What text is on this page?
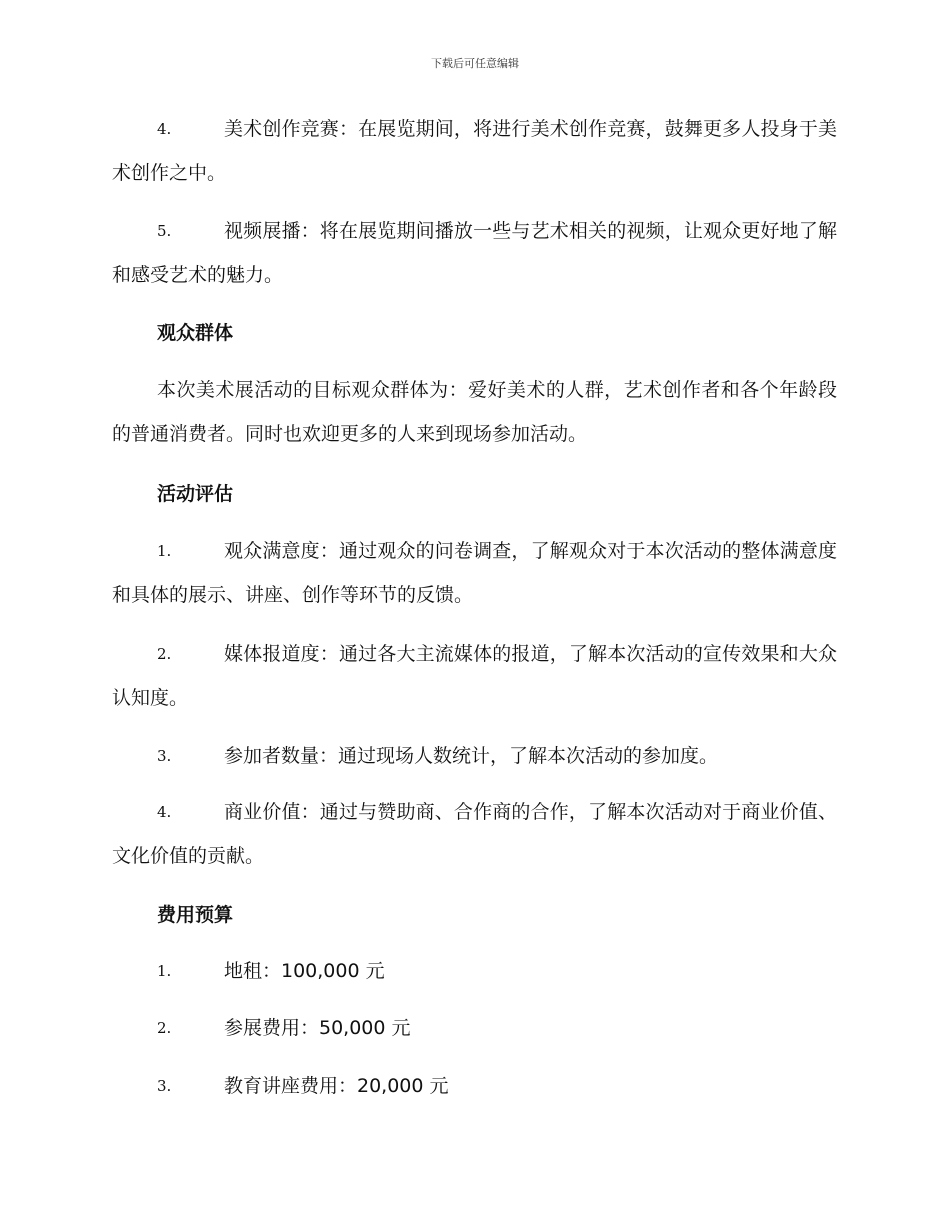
下载后可任意编辑
4.	美术创作竞赛：在展览期间，将进行美术创作竞赛，鼓舞更多人投身于美术创作之中。
5.	视频展播：将在展览期间播放一些与艺术相关的视频，让观众更好地了解和感受艺术的魅力。
观众群体
本次美术展活动的目标观众群体为：爱好美术的人群，艺术创作者和各个年龄段的普通消费者。同时也欢迎更多的人来到现场参加活动。
活动评估
1.	观众满意度：通过观众的问卷调查，了解观众对于本次活动的整体满意度和具体的展示、讲座、创作等环节的反馈。
2.	媒体报道度：通过各大主流媒体的报道，了解本次活动的宣传效果和大众认知度。
3.	参加者数量：通过现场人数统计，了解本次活动的参加度。
4.	商业价值：通过与赞助商、合作商的合作，了解本次活动对于商业价值、文化价值的贡献。
费用预算
1.	地租：100,000 元
2.	参展费用：50,000 元
3.	教育讲座费用：20,000 元
